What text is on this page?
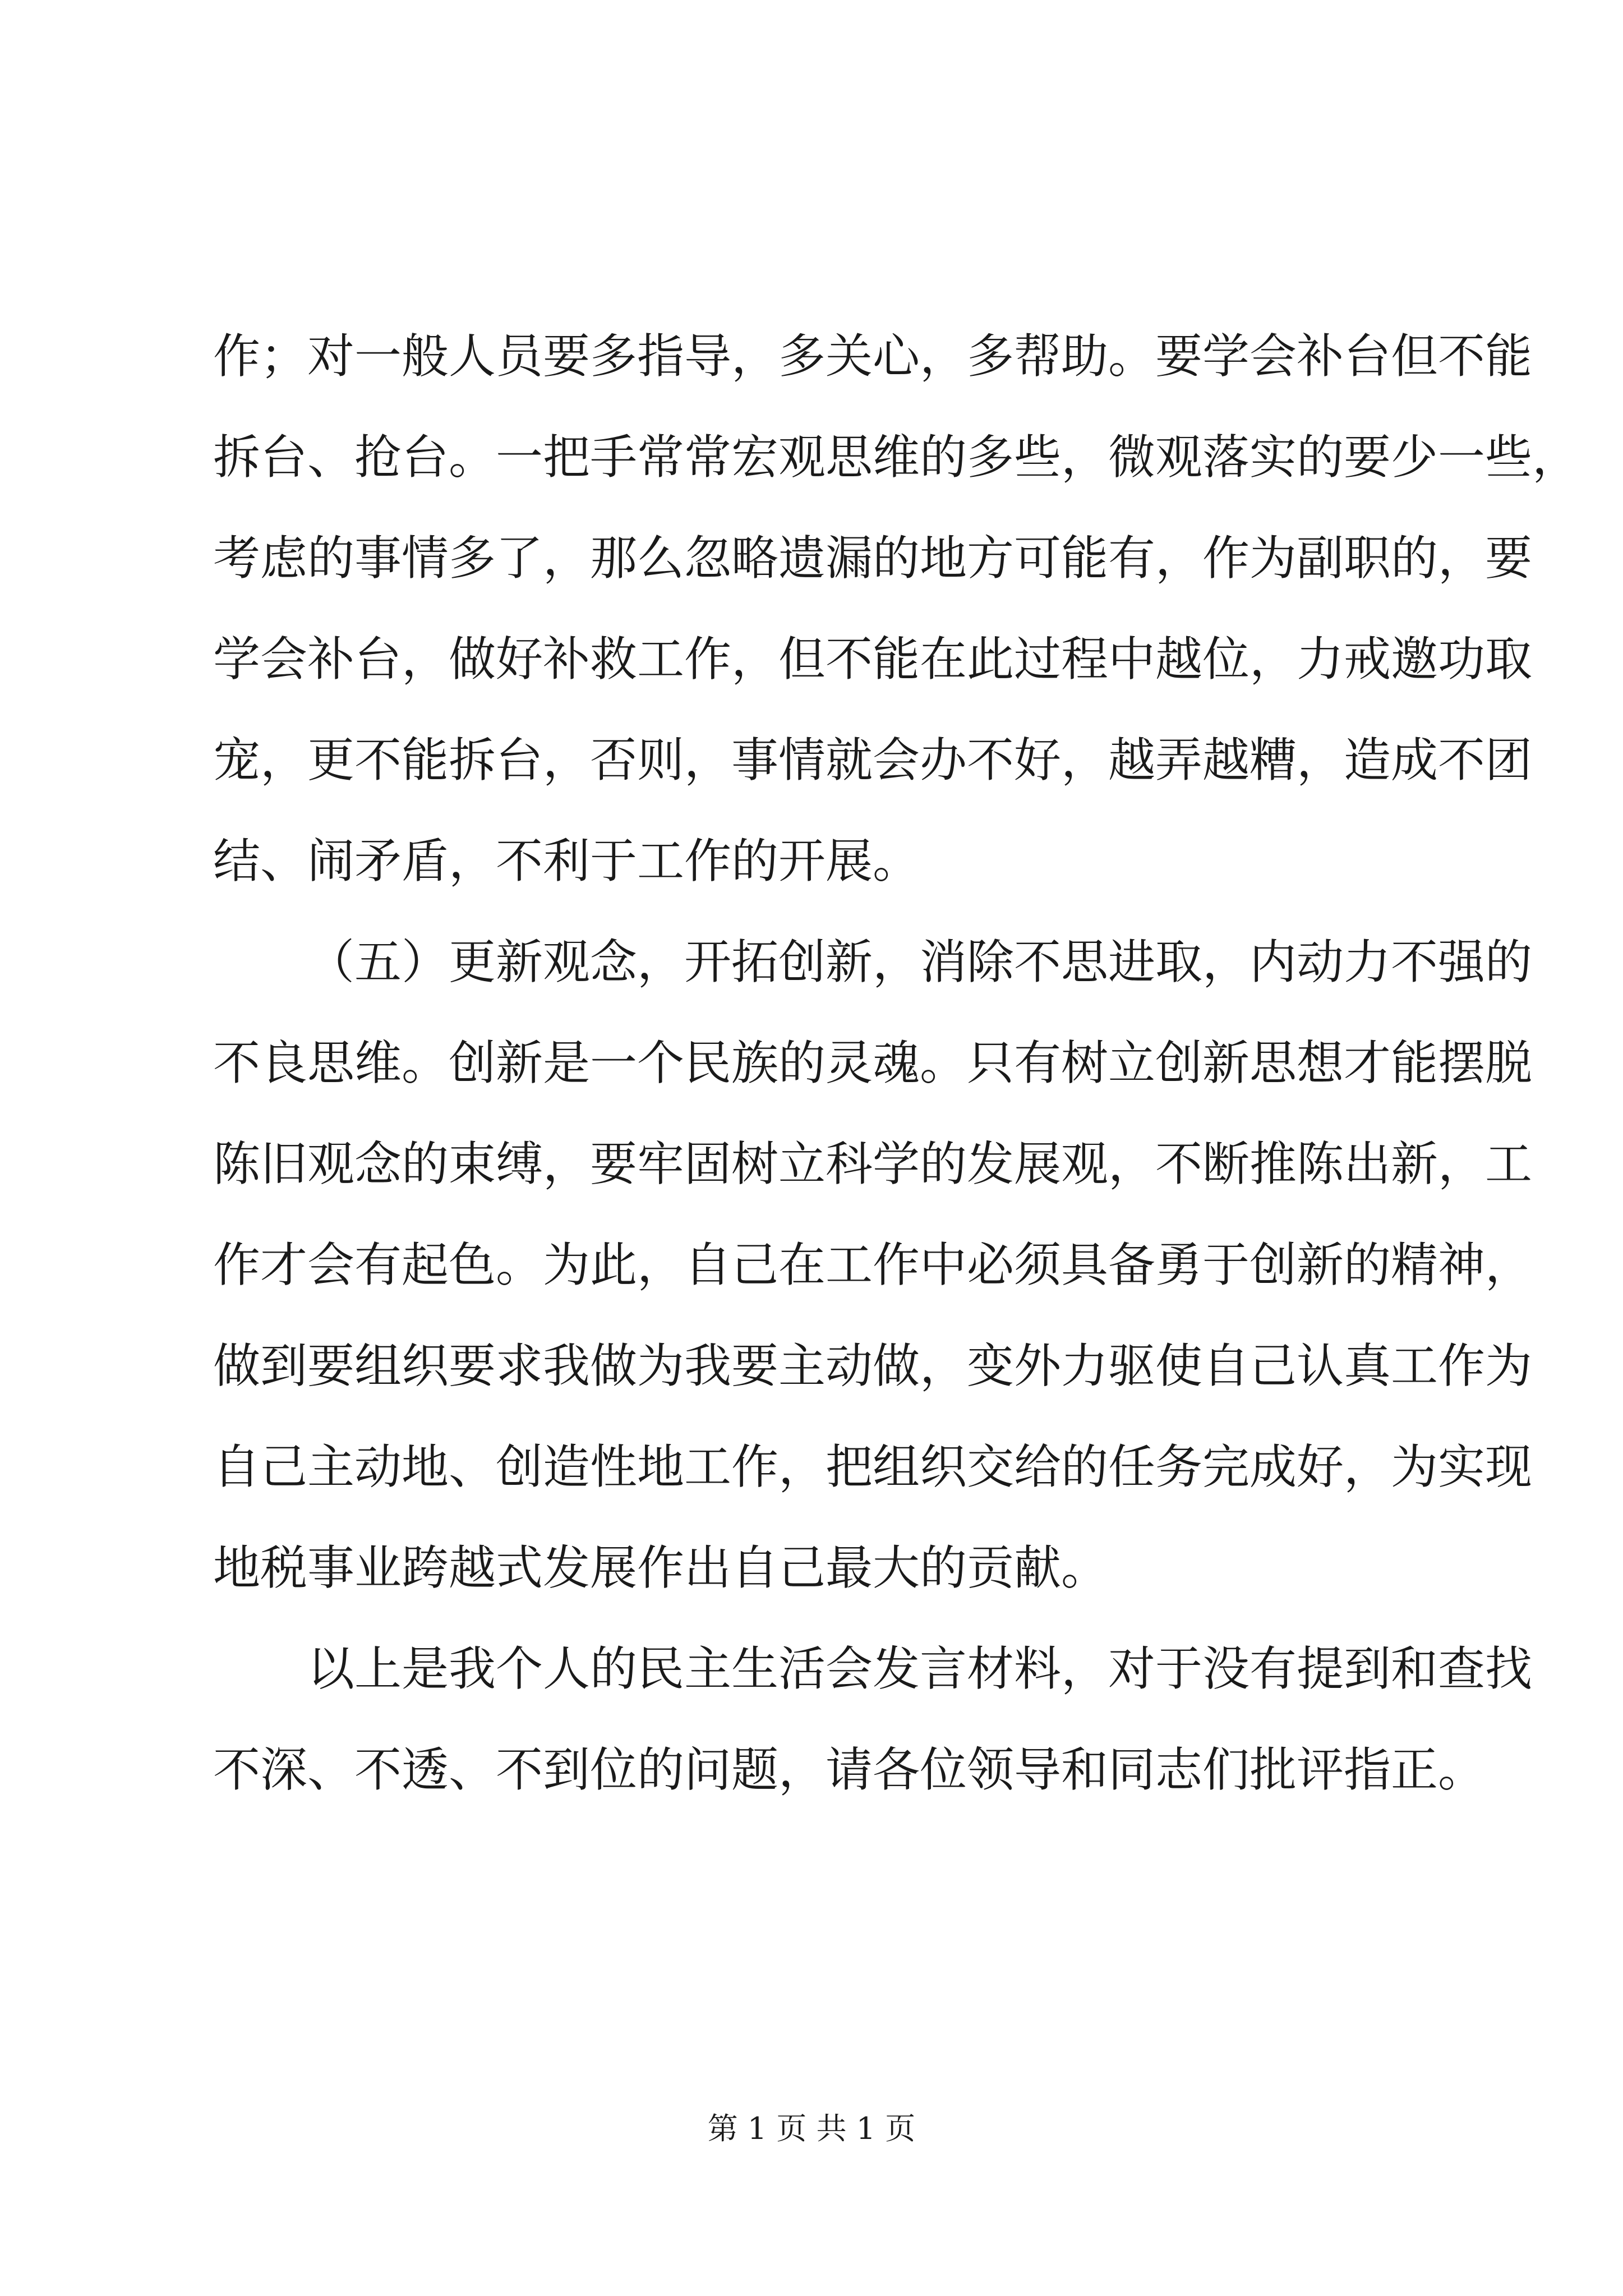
作；对一般人员要多指导，多关心，多帮助。要学会补台但不能
拆台、抢台。一把手常常宏观思维的多些，微观落实的要少一些，
考虑的事情多了，那么忽略遗漏的地方可能有，作为副职的，要
学会补台，做好补救工作，但不能在此过程中越位，力戒邀功取
宠，更不能拆台，否则，事情就会办不好，越弄越糟，造成不团
结、闹矛盾，不利于工作的开展。
（五）更新观念，开拓创新，消除不思进取，内动力不强的
不良思维。创新是一个民族的灵魂。只有树立创新思想才能摆脱
陈旧观念的束缚，要牢固树立科学的发展观，不断推陈出新，工
作才会有起色。为此，自己在工作中必须具备勇于创新的精神，
做到要组织要求我做为我要主动做，变外力驱使自己认真工作为
自己主动地、创造性地工作，把组织交给的任务完成好，为实现
地税事业跨越式发展作出自己最大的贡献。
以上是我个人的民主生活会发言材料，对于没有提到和查找
不深、不透、不到位的问题，请各位领导和同志们批评指正。
第 1 页 共 1 页
